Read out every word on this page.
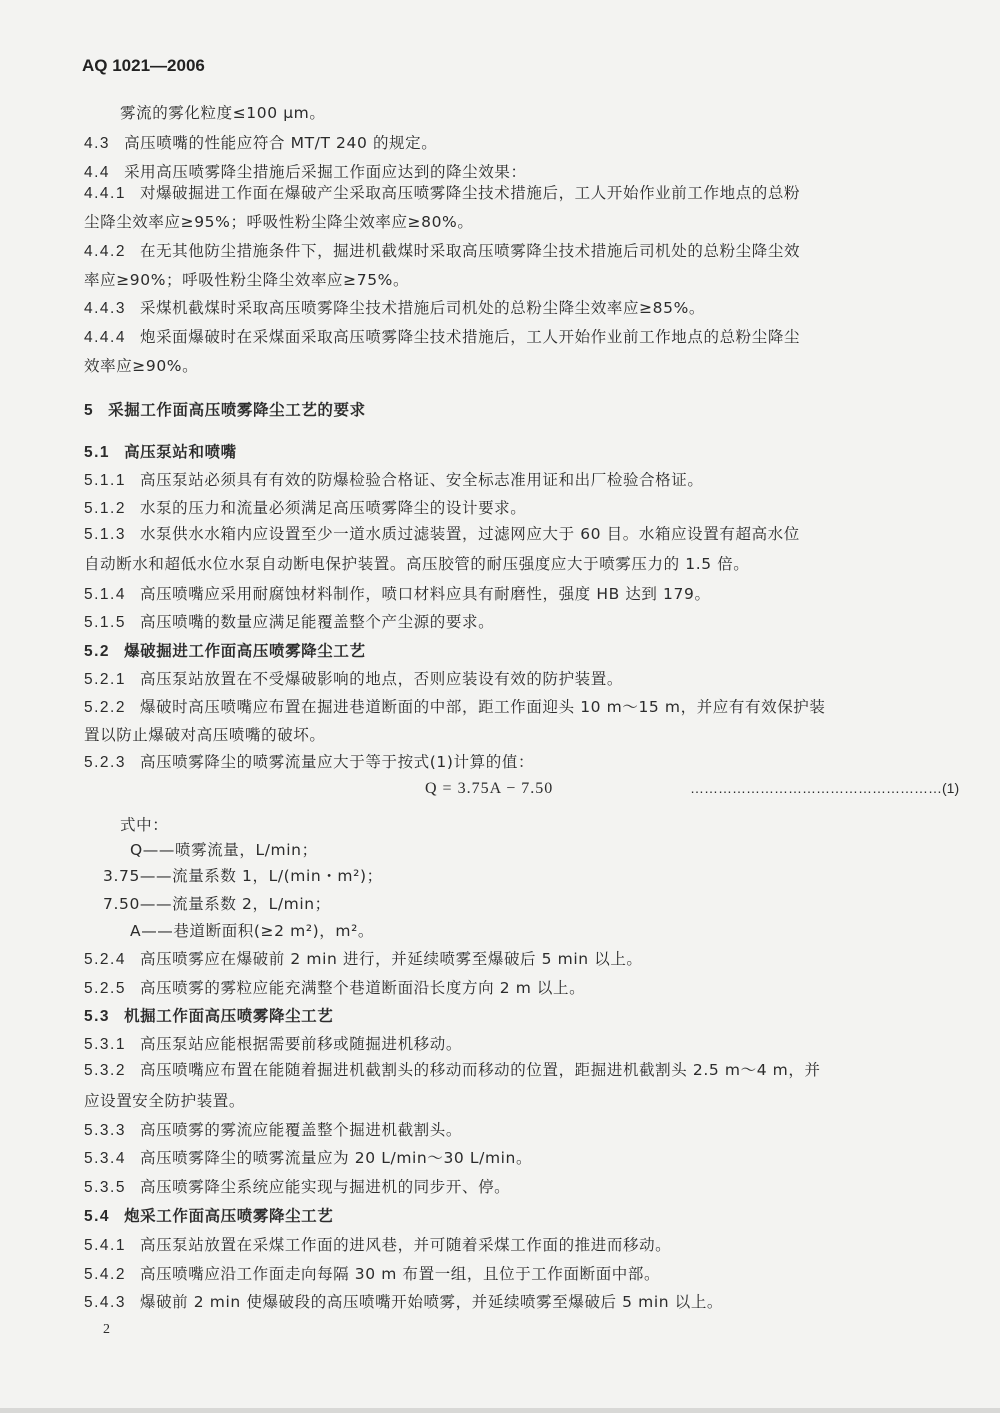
AQ 1021—2006
雾流的雾化粒度≤100 μm。
4.3 高压喷嘴的性能应符合 MT/T 240 的规定。
4.4 采用高压喷雾降尘措施后采掘工作面应达到的降尘效果：
4.4.1 对爆破掘进工作面在爆破产尘采取高压喷雾降尘技术措施后，工人开始作业前工作地点的总粉
尘降尘效率应≥95%；呼吸性粉尘降尘效率应≥80%。
4.4.2 在无其他防尘措施条件下，掘进机截煤时采取高压喷雾降尘技术措施后司机处的总粉尘降尘效
率应≥90%；呼吸性粉尘降尘效率应≥75%。
4.4.3 采煤机截煤时采取高压喷雾降尘技术措施后司机处的总粉尘降尘效率应≥85%。
4.4.4 炮采面爆破时在采煤面采取高压喷雾降尘技术措施后，工人开始作业前工作地点的总粉尘降尘
效率应≥90%。
5 采掘工作面高压喷雾降尘工艺的要求
5.1 高压泵站和喷嘴
5.1.1 高压泵站必须具有有效的防爆检验合格证、安全标志准用证和出厂检验合格证。
5.1.2 水泵的压力和流量必须满足高压喷雾降尘的设计要求。
5.1.3 水泵供水水箱内应设置至少一道水质过滤装置，过滤网应大于 60 目。水箱应设置有超高水位
自动断水和超低水位水泵自动断电保护装置。高压胶管的耐压强度应大于喷雾压力的 1.5 倍。
5.1.4 高压喷嘴应采用耐腐蚀材料制作，喷口材料应具有耐磨性，强度 HB 达到 179。
5.1.5 高压喷嘴的数量应满足能覆盖整个产尘源的要求。
5.2 爆破掘进工作面高压喷雾降尘工艺
5.2.1 高压泵站放置在不受爆破影响的地点，否则应装设有效的防护装置。
5.2.2 爆破时高压喷嘴应布置在掘进巷道断面的中部，距工作面迎头 10 m～15 m，并应有有效保护装
置以防止爆破对高压喷嘴的破坏。
5.2.3 高压喷雾降尘的喷雾流量应大于等于按式(1)计算的值：
Q = 3.75A − 7.50	………………………………………………(1)
式中：
Q——喷雾流量，L/min；
3.75——流量系数 1，L/(min・m²)；
7.50——流量系数 2，L/min；
A——巷道断面积(≥2 m²)，m²。
5.2.4 高压喷雾应在爆破前 2 min 进行，并延续喷雾至爆破后 5 min 以上。
5.2.5 高压喷雾的雾粒应能充满整个巷道断面沿长度方向 2 m 以上。
5.3 机掘工作面高压喷雾降尘工艺
5.3.1 高压泵站应能根据需要前移或随掘进机移动。
5.3.2 高压喷嘴应布置在能随着掘进机截割头的移动而移动的位置，距掘进机截割头 2.5 m～4 m，并
应设置安全防护装置。
5.3.3 高压喷雾的雾流应能覆盖整个掘进机截割头。
5.3.4 高压喷雾降尘的喷雾流量应为 20 L/min～30 L/min。
5.3.5 高压喷雾降尘系统应能实现与掘进机的同步开、停。
5.4 炮采工作面高压喷雾降尘工艺
5.4.1 高压泵站放置在采煤工作面的进风巷，并可随着采煤工作面的推进而移动。
5.4.2 高压喷嘴应沿工作面走向每隔 30 m 布置一组，且位于工作面断面中部。
5.4.3 爆破前 2 min 使爆破段的高压喷嘴开始喷雾，并延续喷雾至爆破后 5 min 以上。
2
